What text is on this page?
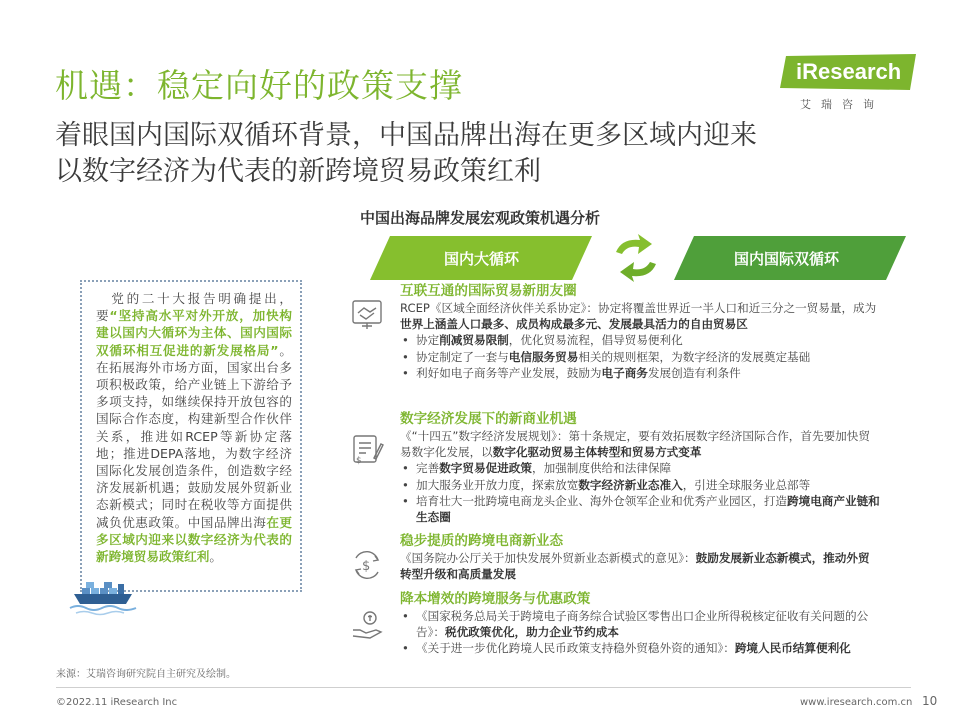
机遇：稳定向好的政策支撑
着眼国内国际双循环背景，中国品牌出海在更多区域内迎来
以数字经济为代表的新跨境贸易政策红利
iResearch
艾瑞咨询
中国出海品牌发展宏观政策机遇分析
国内大循环	国内国际双循环
 党的二十大报告明确提出，要“坚持高水平对外开放，加快构建以国内大循环为主体、国内国际双循环相互促进的新发展格局”。在拓展海外市场方面，国家出台多项积极政策，给产业链上下游给予多项支持，如继续保持开放包容的国际合作态度，构建新型合作伙伴关系，推进如RCEP等新协定落地；推进DEPA落地，为数字经济国际化发展创造条件，创造数字经济发展新机遇；鼓励发展外贸新业态新模式；同时在税收等方面提供减负优惠政策。中国品牌出海在更多区域内迎来以数字经济为代表的新跨境贸易政策红利。
互联互通的国际贸易新朋友圈
RCEP《区域全面经济伙伴关系协定》：协定将覆盖世界近一半人口和近三分之一贸易量，成为世界上涵盖人口最多、成员构成最多元、发展最具活力的自由贸易区
• 协定削减贸易限制，优化贸易流程，倡导贸易便利化
• 协定制定了一套与电信服务贸易相关的规则框架，为数字经济的发展奠定基础
• 利好如电子商务等产业发展，鼓励为电子商务发展创造有利条件
$
数字经济发展下的新商业机遇
《“十四五”数字经济发展规划》：第十条规定，要有效拓展数字经济国际合作，首先要加快贸易数字化发展，以数字化驱动贸易主体转型和贸易方式变革
• 完善数字贸易促进政策，加强制度供给和法律保障
• 加大服务业开放力度，探索放宽数字经济新业态准入，引进全球服务业总部等
• 培育壮大一批跨境电商龙头企业、海外仓领军企业和优秀产业园区，打造跨境电商产业链和生态圈
$
稳步提质的跨境电商新业态
《国务院办公厅关于加快发展外贸新业态新模式的意见》：鼓励发展新业态新模式，推动外贸转型升级和高质量发展
降本增效的跨境服务与优惠政策
• 《国家税务总局关于跨境电子商务综合试验区零售出口企业所得税核定征收有关问题的公告》：税优政策优化，助力企业节约成本
• 《关于进一步优化跨境人民币政策支持稳外贸稳外资的通知》：跨境人民币结算便利化
来源：艾瑞咨询研究院自主研究及绘制。
©2022.11 iResearch Inc	www.iresearch.com.cn 10
